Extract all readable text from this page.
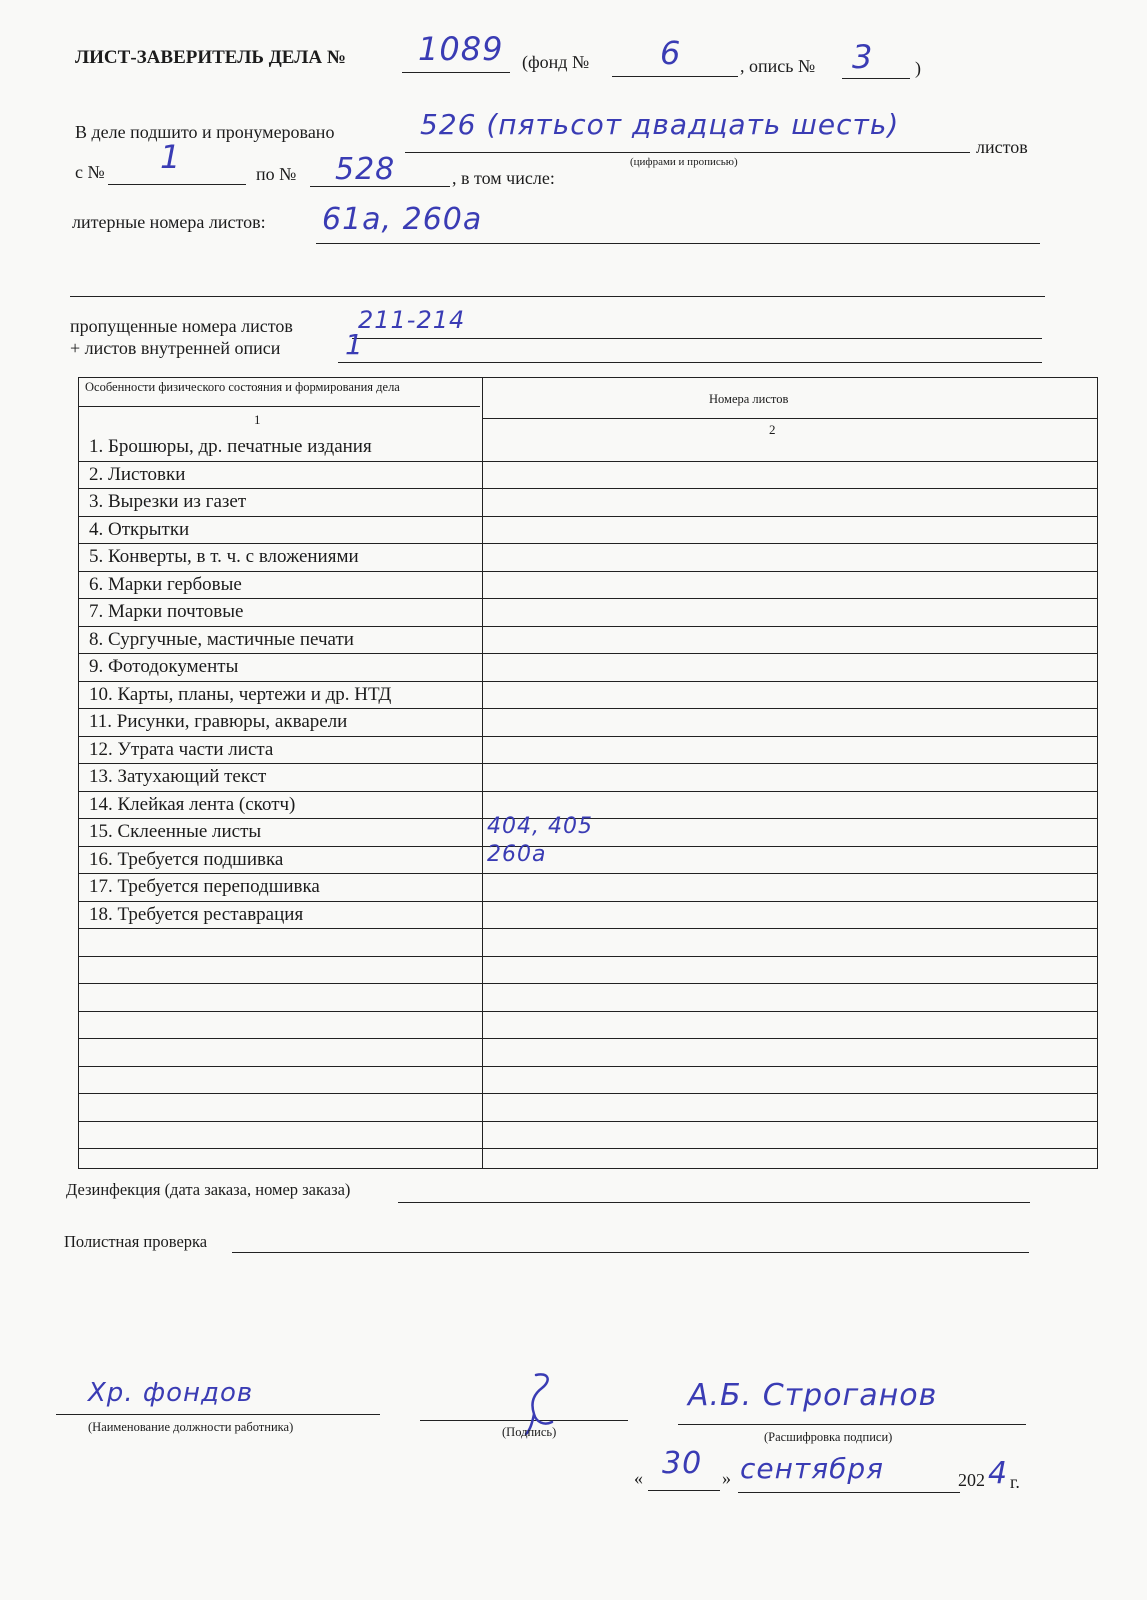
ЛИСТ-ЗАВЕРИТЕЛЬ ДЕЛА № 1089 (фонд № 6	, опись № 3 )
В деле подшито и пронумеровано	526 (пятьсот двадцать шесть)
(цифрами и прописью)
листов
с № 1	по № 528	, в том числе:
литерные номера листов: 61а, 260а
пропущенные номера листов	211-214
+ листов внутренней описи 1
Особенности физического состояния и формирования дела
Номера листов
1
2
1. Брошюры, др. печатные издания
2. Листовки
3. Вырезки из газет
4. Открытки
5. Конверты, в т. ч. с вложениями
6. Марки гербовые
7. Марки почтовые
8. Сургучные, мастичные печати
9. Фотодокументы
10. Карты, планы, чертежи и др. НТД
11. Рисунки, гравюры, акварели
12. Утрата части листа
13. Затухающий текст
14. Клейкая лента (скотч)
15. Склеенные листы	404, 405
16. Требуется подшивка	260а
17. Требуется переподшивка
18. Требуется реставрация
Дезинфекция (дата заказа, номер заказа)
Полистная проверка
Хр. фондов
(Наименование должности работника)	(Подпись)
А.Б. Строганов
(Расшифровка подписи)
« 30 » сентября	202 4 г.
